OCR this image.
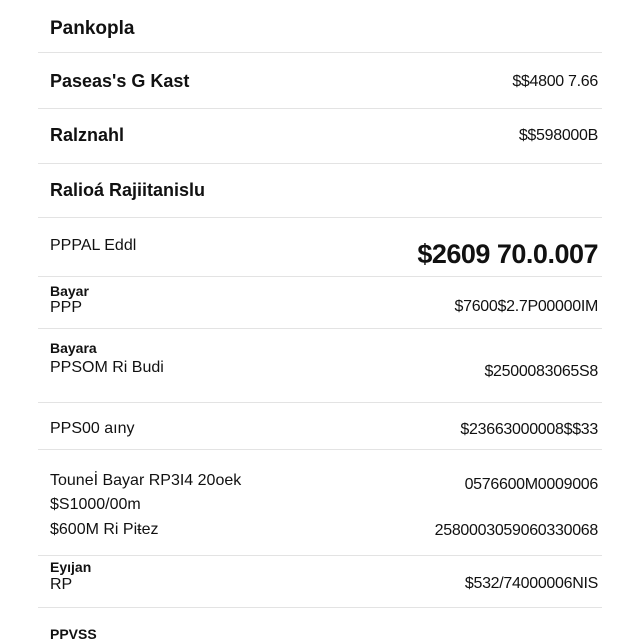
Pankopla
Paseas's G Kast	$$4800 7.66
Ralznahl	$$598000B
Ralioá Rajiitanislu
PPPAL Eddl	$2609 70.0.007
Bayar
PPP	$7600$2.7P00000IM
Bayara
PPSOM Ri Budi	$2500083065S8
PPS00 aıny	$23663000008$$33
Touneİ Bayar RP3I4 20oek	0576600M0009006
$S1000/00m
$600M Ri Piŧez	2580003059060330068
Eyıjan
RP	$532/74000006NIS
PPVSS
